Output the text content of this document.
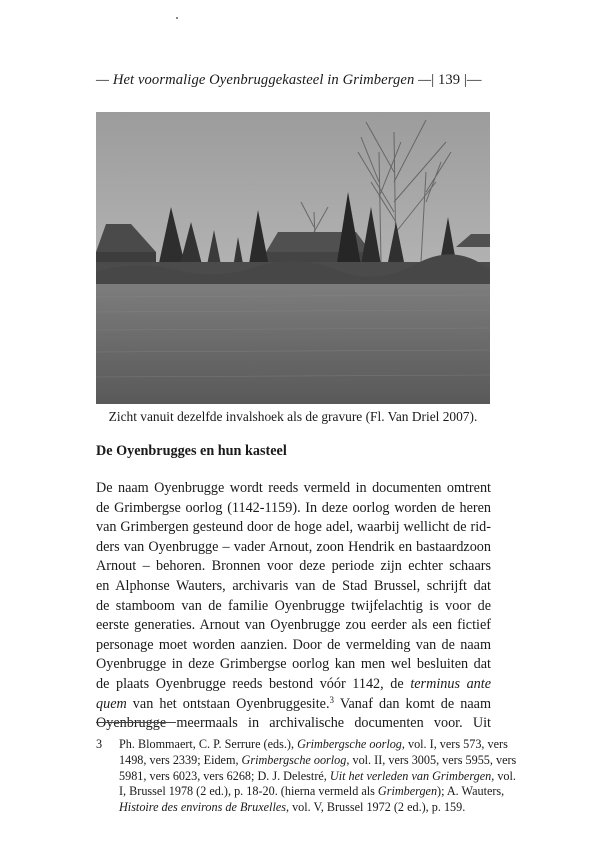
— Het voormalige Oyenbruggekasteel in Grimbergen —| 139 |—
Zicht vanuit dezelfde invalshoek als de gravure (Fl. Van Driel 2007).
De Oyenbrugges en hun kasteel
De naam Oyenbrugge wordt reeds vermeld in documenten omtrent
de Grimbergse oorlog (1142-1159). In deze oorlog worden de heren
van Grimbergen gesteund door de hoge adel, waarbij wellicht de rid-
ders van Oyenbrugge – vader Arnout, zoon Hendrik en bastaardzoon
Arnout – behoren. Bronnen voor deze periode zijn echter schaars
en Alphonse Wauters, archivaris van de Stad Brussel, schrijft dat
de stamboom van de familie Oyenbrugge twijfelachtig is voor de
eerste generaties. Arnout van Oyenbrugge zou eerder als een fictief
personage moet worden aanzien. Door de vermelding van de naam
Oyenbrugge in deze Grimbergse oorlog kan men wel besluiten dat
de plaats Oyenbrugge reeds bestond vóór 1142, de terminus ante
quem van het ontstaan Oyenbruggesite.$^3$ Vanaf dan komt de naam
Oyenbrugge meermaals in archivalische documenten voor. Uit
3 Ph. Blommaert, C. P. Serrure (eds.), Grimbergsche oorlog, vol. I, vers 573, vers
1498, vers 2339; Eidem, Grimbergsche oorlog, vol. II, vers 3005, vers 5955, vers
5981, vers 6023, vers 6268; D. J. Delestré, Uit het verleden van Grimbergen, vol.
I, Brussel 1978 (2 ed.), p. 18-20. (hierna vermeld als Grimbergen); A. Wauters,
Histoire des environs de Bruxelles, vol. V, Brussel 1972 (2 ed.), p. 159.
